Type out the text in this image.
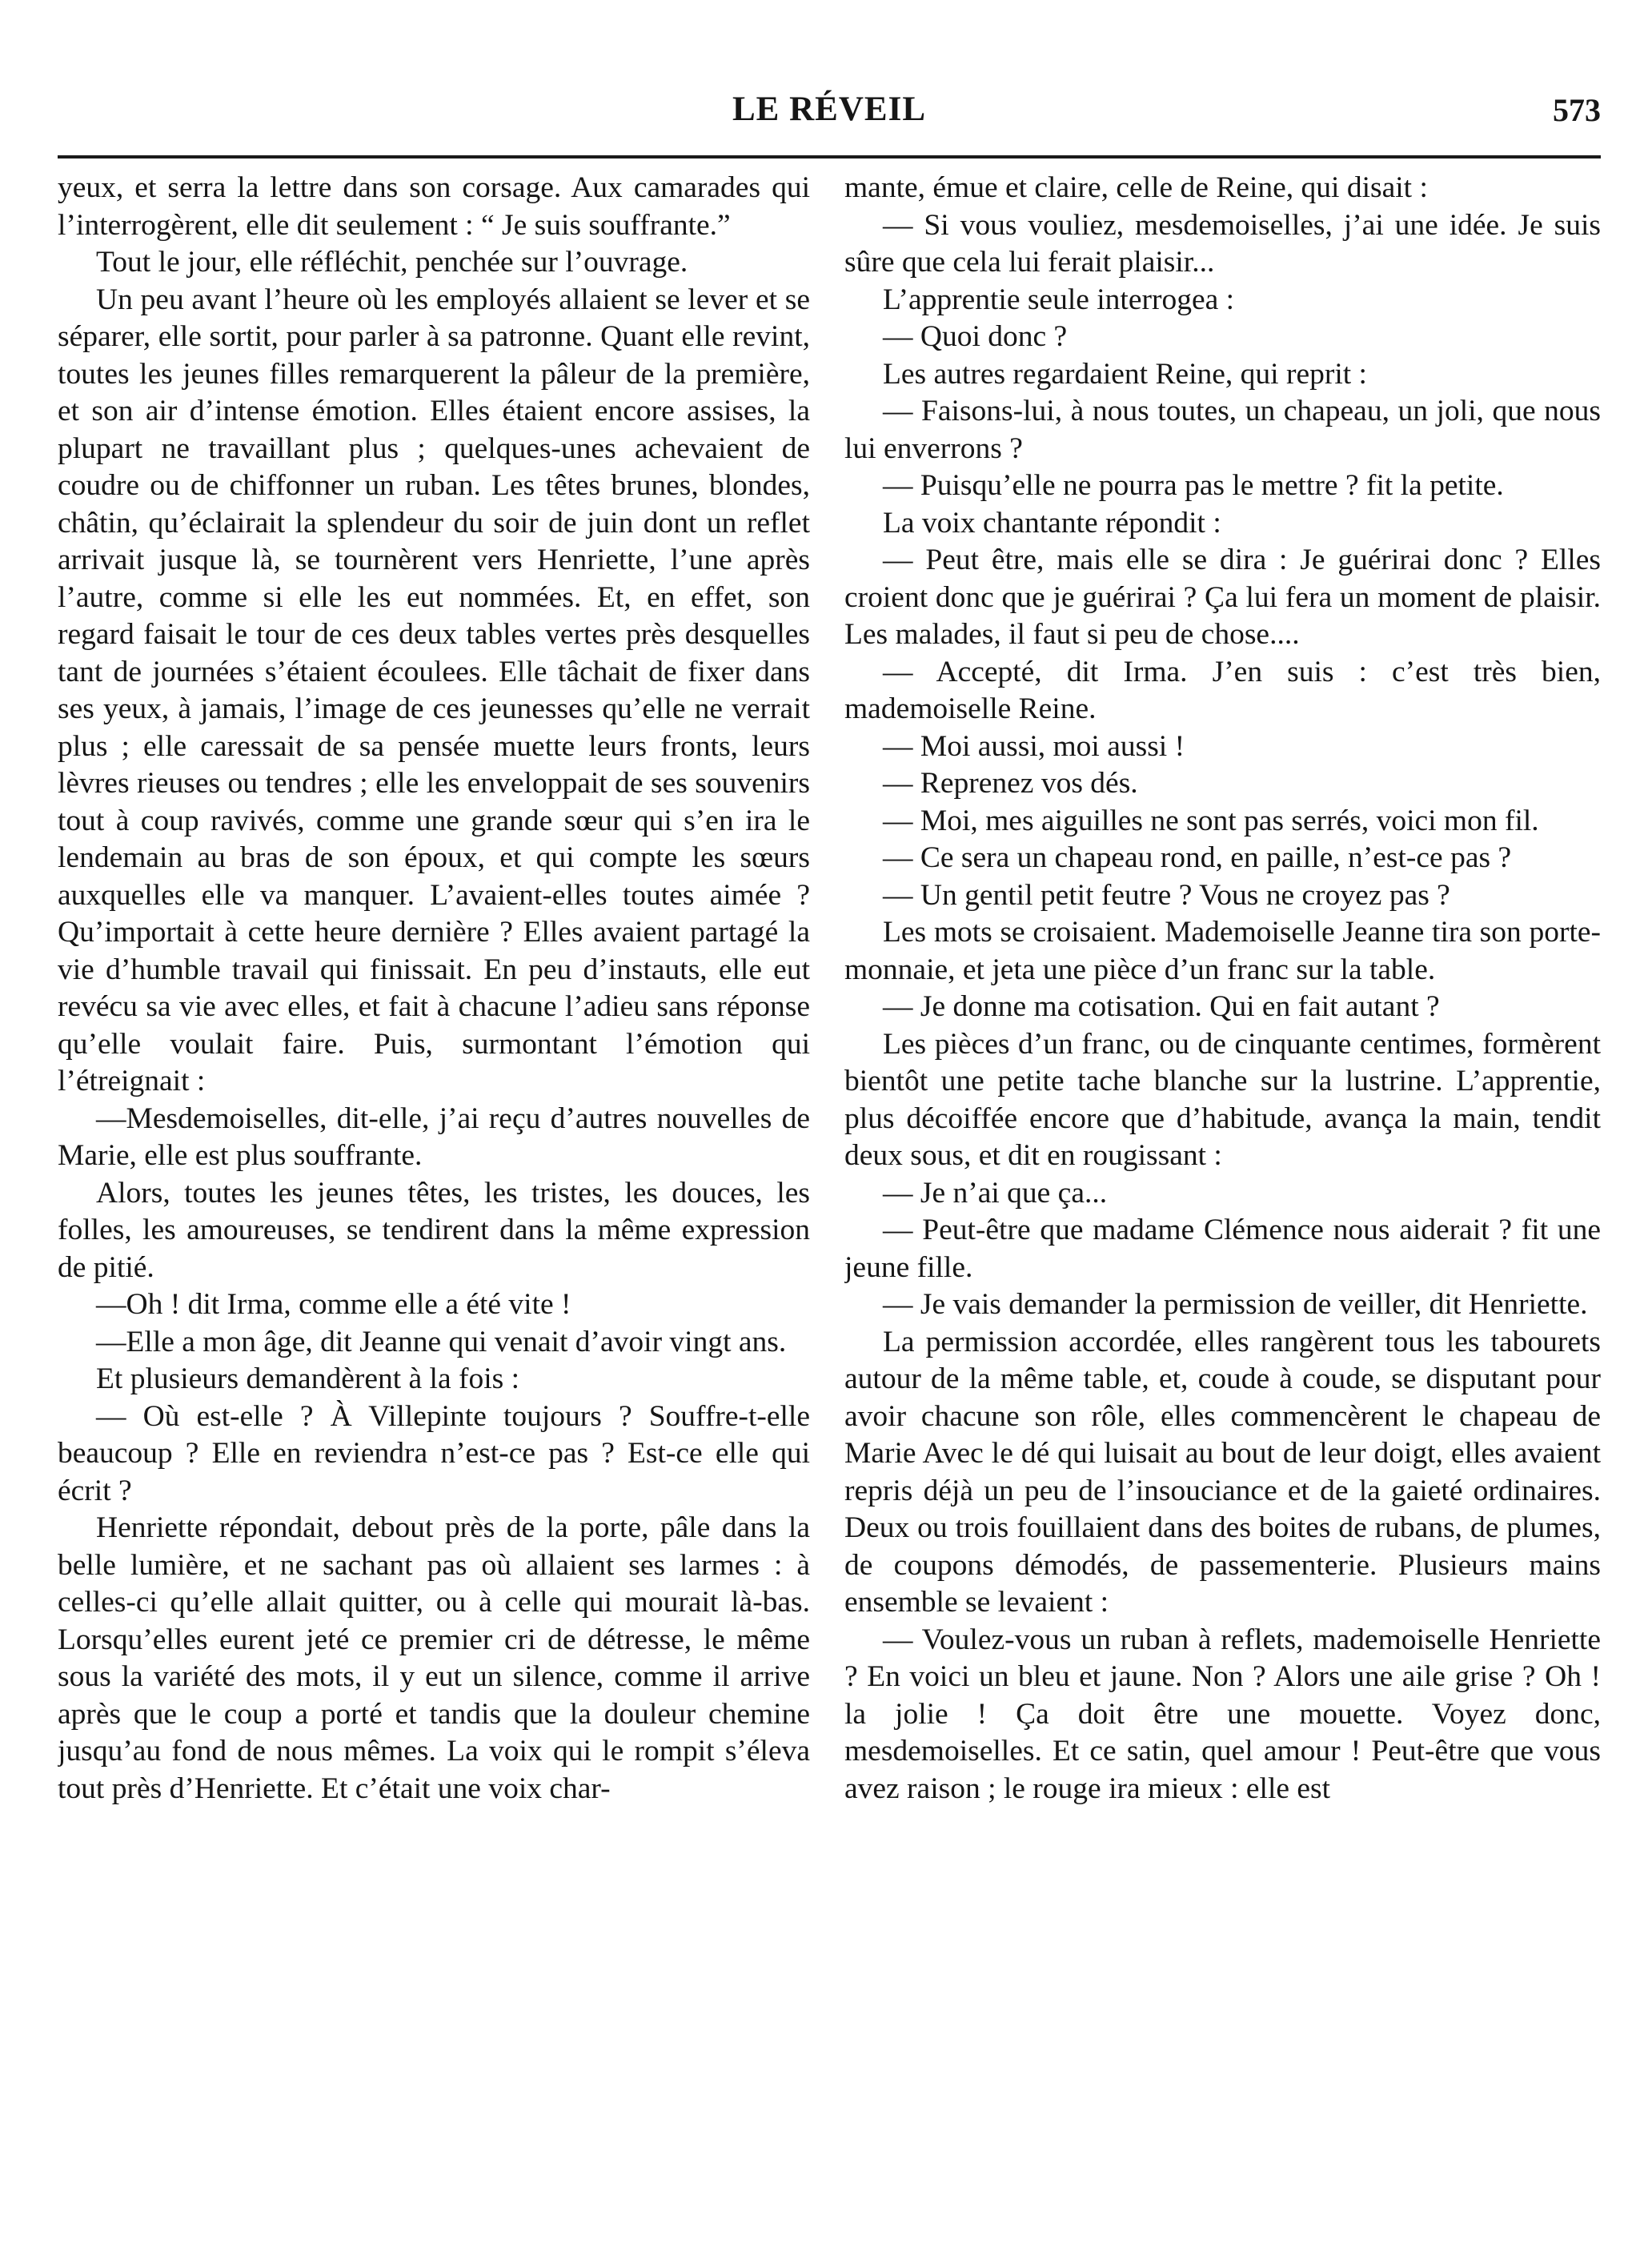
LE RÉVEIL	573

yeux, et serra la lettre dans son corsage. Aux camarades qui l’interrogèrent, elle dit seulement : “ Je suis souffrante.”

Tout le jour, elle réfléchit, penchée sur l’ouvrage.

Un peu avant l’heure où les employés allaient se lever et se séparer, elle sortit, pour parler à sa patronne. Quant elle revint, toutes les jeunes filles remarquerent la pâleur de la première, et son air d’intense émotion. Elles étaient encore assises, la plupart ne travaillant plus ; quelques-unes achevaient de coudre ou de chiffonner un ruban. Les têtes brunes, blondes, châtin, qu’éclairait la splendeur du soir de juin dont un reflet arrivait jusque là, se tournèrent vers Henriette, l’une après l’autre, comme si elle les eut nommées. Et, en effet, son regard faisait le tour de ces deux tables vertes près desquelles tant de journées s’étaient écoulees. Elle tâchait de fixer dans ses yeux, à jamais, l’image de ces jeunesses qu’elle ne verrait plus ; elle caressait de sa pensée muette leurs fronts, leurs lèvres rieuses ou tendres ; elle les enveloppait de ses souvenirs tout à coup ravivés, comme une grande sœur qui s’en ira le lendemain au bras de son époux, et qui compte les sœurs auxquelles elle va manquer. L’avaient-elles toutes aimée ? Qu’importait à cette heure dernière ? Elles avaient partagé la vie d’humble travail qui finissait. En peu d’instauts, elle eut revécu sa vie avec elles, et fait à chacune l’adieu sans réponse qu’elle voulait faire. Puis, surmontant l’émotion qui l’étreignait :

—Mesdemoiselles, dit-elle, j’ai reçu d’autres nouvelles de Marie, elle est plus souffrante.

Alors, toutes les jeunes têtes, les tristes, les douces, les folles, les amoureuses, se tendirent dans la même expression de pitié.

—Oh ! dit Irma, comme elle a été vite !

—Elle a mon âge, dit Jeanne qui venait d’avoir vingt ans.

Et plusieurs demandèrent à la fois :

— Où est-elle ? À Villepinte toujours ? Souffre-t-elle beaucoup ? Elle en reviendra n’est-ce pas ? Est-ce elle qui écrit ?

Henriette répondait, debout près de la porte, pâle dans la belle lumière, et ne sachant pas où allaient ses larmes : à celles-ci qu’elle allait quitter, ou à celle qui mourait là-bas. Lorsqu’elles eurent jeté ce premier cri de détresse, le même sous la variété des mots, il y eut un silence, comme il arrive après que le coup a porté et tandis que la douleur chemine jusqu’au fond de nous mêmes. La voix qui le rompit s’éleva tout près d’Henriette. Et c’était une voix char-

mante, émue et claire, celle de Reine, qui disait :

— Si vous vouliez, mesdemoiselles, j’ai une idée. Je suis sûre que cela lui ferait plaisir...

L’apprentie seule interrogea :

— Quoi donc ?

Les autres regardaient Reine, qui reprit :

— Faisons-lui, à nous toutes, un chapeau, un joli, que nous lui enverrons ?

— Puisqu’elle ne pourra pas le mettre ? fit la petite.

La voix chantante répondit :

— Peut être, mais elle se dira : Je guérirai donc ? Elles croient donc que je guérirai ? Ça lui fera un moment de plaisir. Les malades, il faut si peu de chose....

— Accepté, dit Irma. J’en suis : c’est très bien, mademoiselle Reine.

— Moi aussi, moi aussi !

— Reprenez vos dés.

— Moi, mes aiguilles ne sont pas serrés, voici mon fil.

— Ce sera un chapeau rond, en paille, n’est-ce pas ?

— Un gentil petit feutre ? Vous ne croyez pas ?

Les mots se croisaient. Mademoiselle Jeanne tira son porte-monnaie, et jeta une pièce d’un franc sur la table.

— Je donne ma cotisation. Qui en fait autant ?

Les pièces d’un franc, ou de cinquante centimes, formèrent bientôt une petite tache blanche sur la lustrine. L’apprentie, plus décoiffée encore que d’habitude, avança la main, tendit deux sous, et dit en rougissant :

— Je n’ai que ça...

— Peut-être que madame Clémence nous aiderait ? fit une jeune fille.

— Je vais demander la permission de veiller, dit Henriette.

La permission accordée, elles rangèrent tous les tabourets autour de la même table, et, coude à coude, se disputant pour avoir chacune son rôle, elles commencèrent le chapeau de Marie Avec le dé qui luisait au bout de leur doigt, elles avaient repris déjà un peu de l’insouciance et de la gaieté ordinaires. Deux ou trois fouillaient dans des boites de rubans, de plumes, de coupons démodés, de passementerie. Plusieurs mains ensemble se levaient :

— Voulez-vous un ruban à reflets, mademoiselle Henriette ? En voici un bleu et jaune. Non ? Alors une aile grise ? Oh ! la jolie ! Ça doit être une mouette. Voyez donc, mesdemoiselles. Et ce satin, quel amour ! Peut-être que vous avez raison ; le rouge ira mieux : elle est
